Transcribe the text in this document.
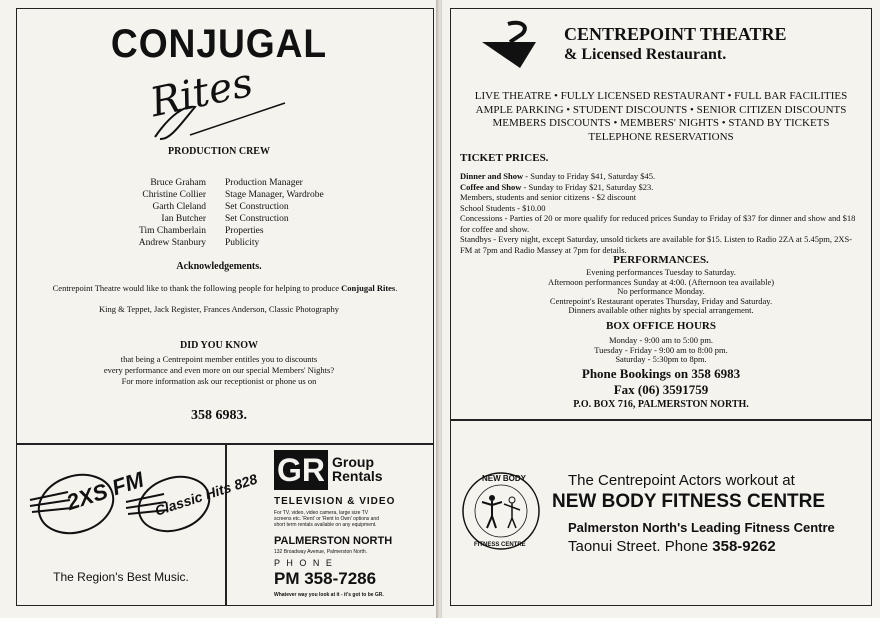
CONJUGAL
Rites
PRODUCTION CREW
Bruce Graham Production Manager
Christine Collier Stage Manager, Wardrobe
Garth Cleland Set Construction
Ian Butcher Set Construction
Tim Chamberlain Properties
Andrew Stanbury Publicity
Acknowledgements.
Centrepoint Theatre would like to thank the following people for helping to produce Conjugal Rites.
King & Teppet, Jack Register, Frances Anderson, Classic Photography
DID YOU KNOW
that being a Centrepoint member entitles you to discounts
every performance and even more on our special Members' Nights?
For more information ask our receptionist or phone us on
358 6983.
2XS FM Classic Hits 828
The Region's Best Music.
GR Group
Rentals
TELEVISION & VIDEO
For TV, video, video camera, large size TV screens etc. 'Rent' or 'Rent to Own' options and short term rentals available on any equipment.
PALMERSTON NORTH
132 Broadway Avenue, Palmerston North.
P H O N E
PM 358-7286
Whatever way you look at it - it's got to be GR.
CENTREPOINT THEATRE
& Licensed Restaurant.
LIVE THEATRE • FULLY LICENSED RESTAURANT • FULL BAR FACILITIES
AMPLE PARKING • STUDENT DISCOUNTS • SENIOR CITIZEN DISCOUNTS
MEMBERS DISCOUNTS • MEMBERS' NIGHTS • STAND BY TICKETS
TELEPHONE RESERVATIONS
TICKET PRICES.
Dinner and Show - Sunday to Friday $41, Saturday $45.
Coffee and Show - Sunday to Friday $21, Saturday $23.
Members, students and senior citizens - $2 discount
School Students - $10.00
Concessions - Parties of 20 or more qualify for reduced prices Sunday to Friday of $37 for dinner and show and $18 for coffee and show.
Standbys - Every night, except Saturday, unsold tickets are available for $15. Listen to Radio 2ZA at 5.45pm, 2XS-FM at 7pm and Radio Massey at 7pm for details.
PERFORMANCES.
Evening performances Tuesday to Saturday.
Afternoon performances Sunday at 4:00. (Afternoon tea available)
No performance Monday.
Centrepoint's Restaurant operates Thursday, Friday and Saturday.
Dinners available other nights by special arrangement.
BOX OFFICE HOURS
Monday - 9:00 am to 5:00 pm.
Tuesday - Friday - 9:00 am to 8:00 pm.
Saturday - 5:30pm to 8pm.
Phone Bookings on 358 6983
Fax (06) 3591759
P.O. BOX 716, PALMERSTON NORTH.
NEW BODY
FITNESS CENTRE
The Centrepoint Actors workout at
NEW BODY FITNESS CENTRE
Palmerston North's Leading Fitness Centre
Taonui Street. Phone 358-9262
